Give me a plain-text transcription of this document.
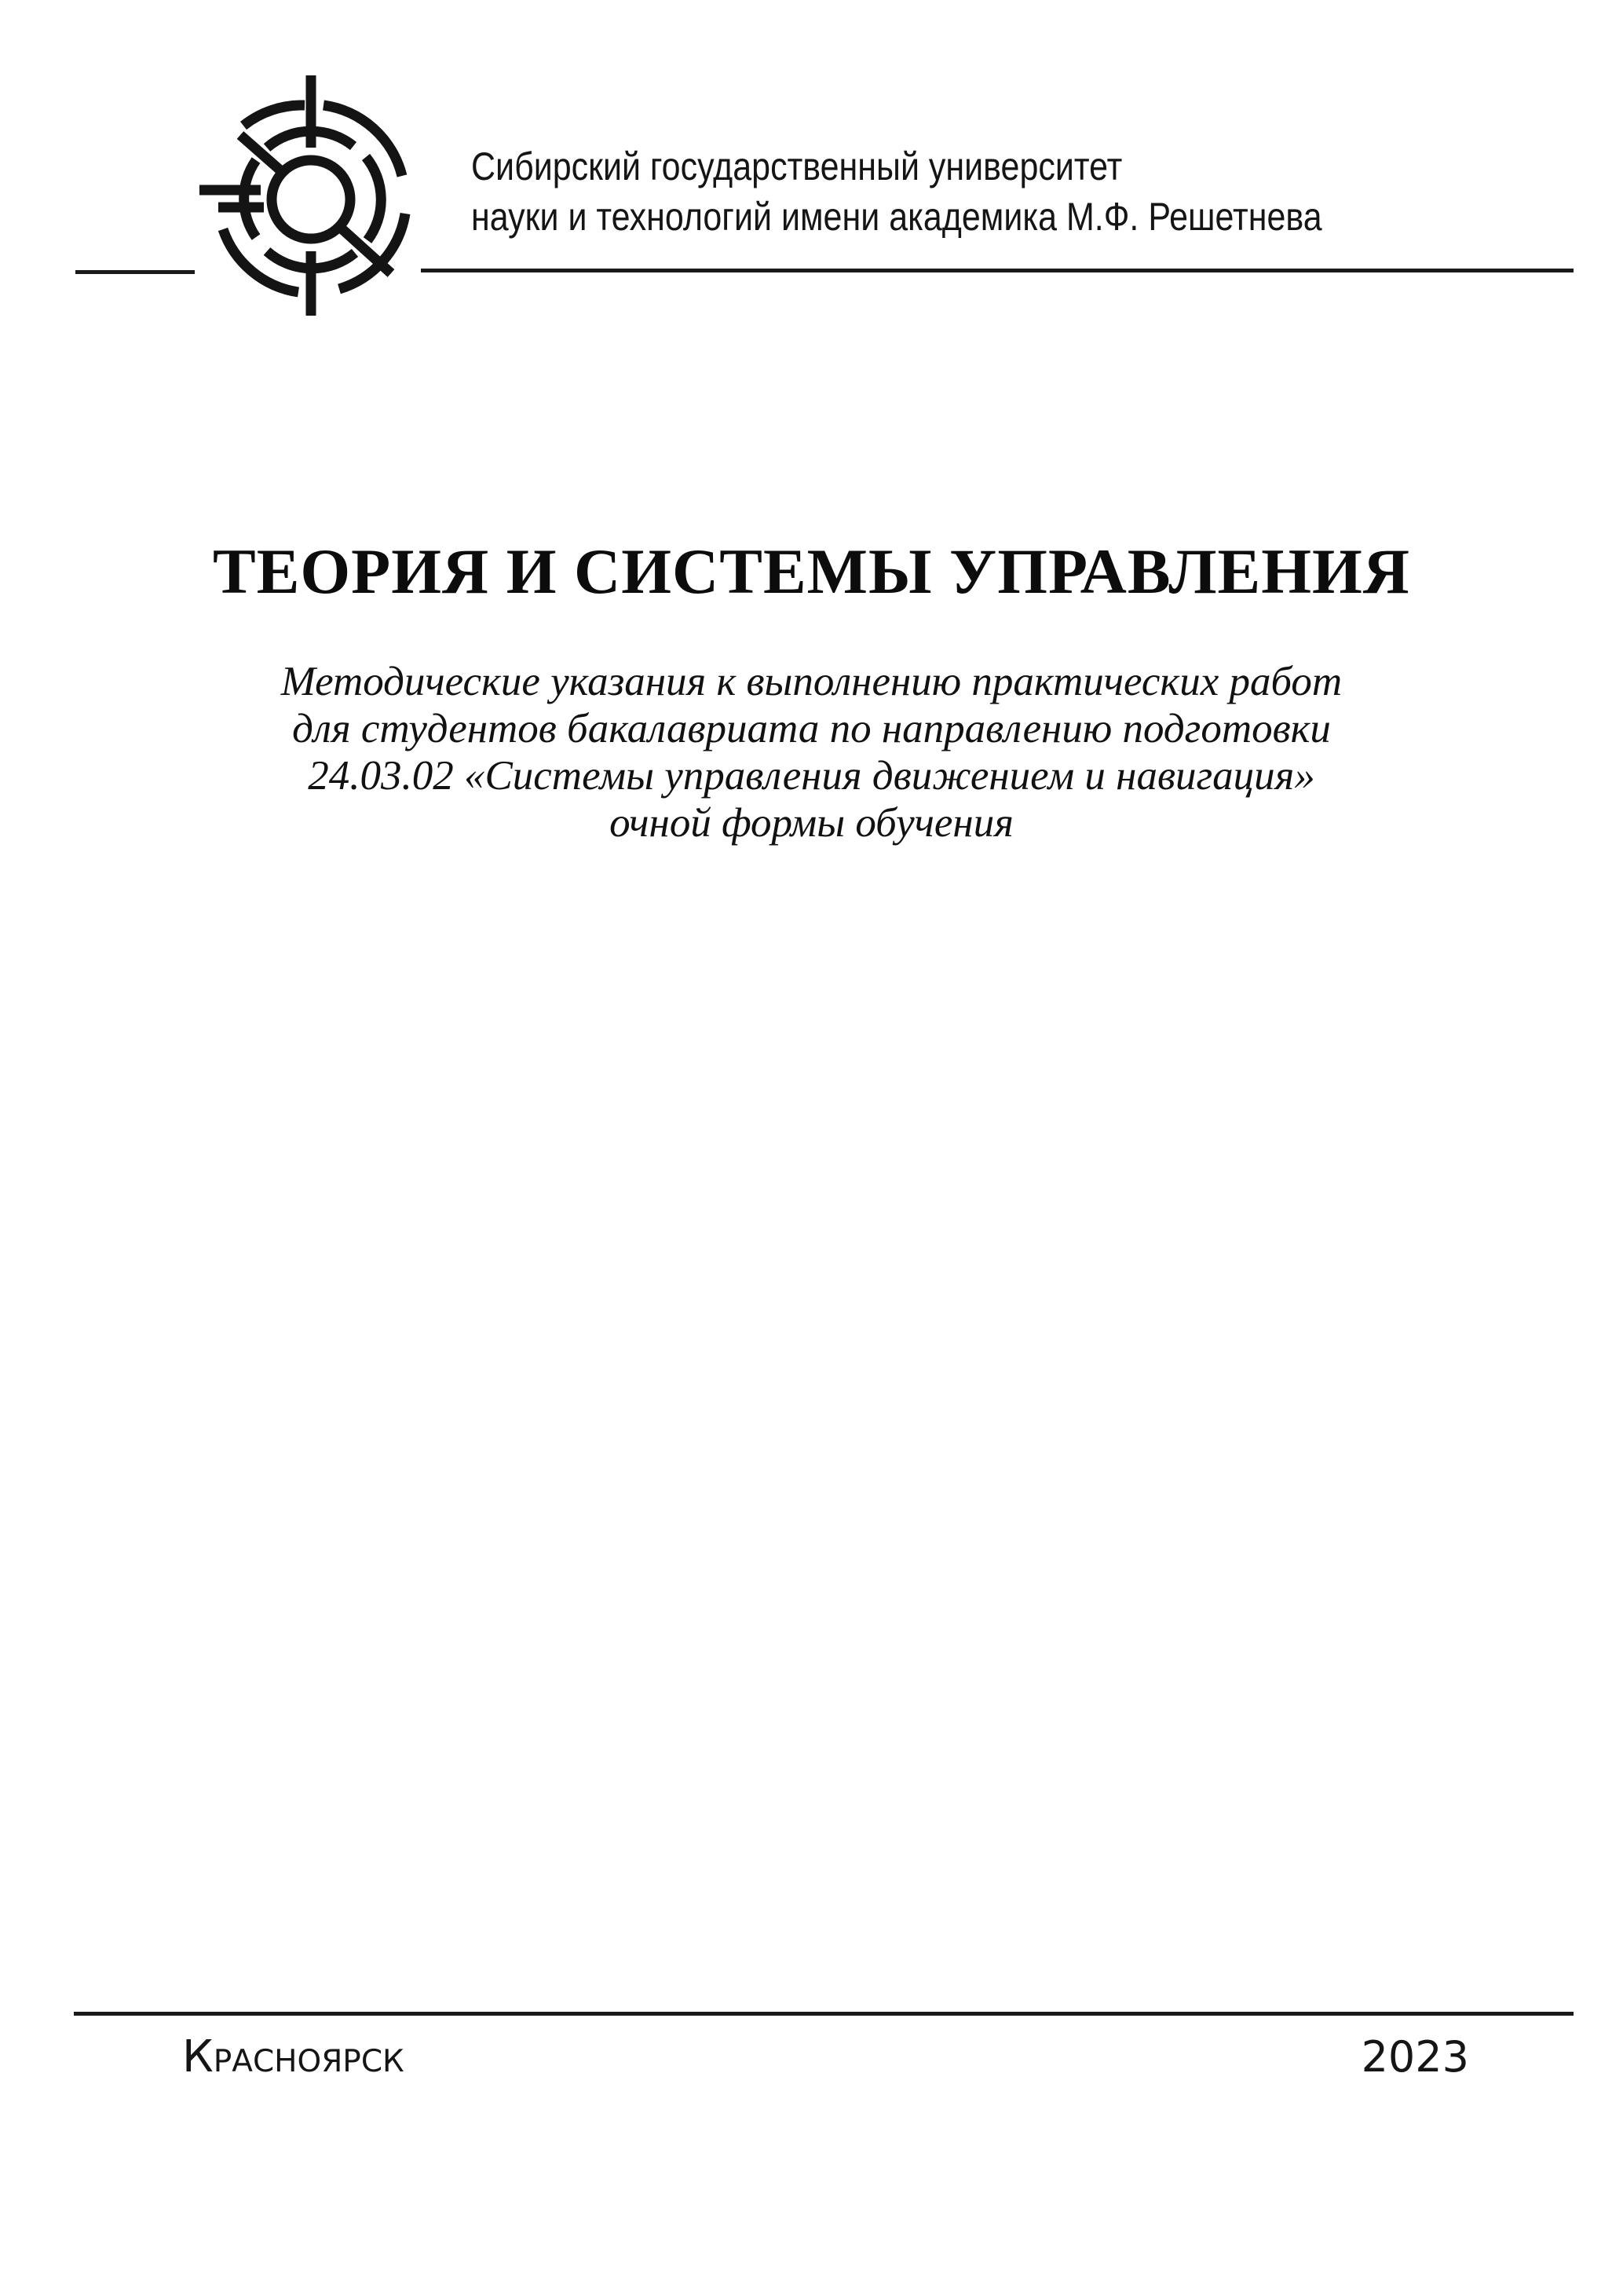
Сибирский государственный университет
науки и технологий имени академика М.Ф. Решетнева
ТЕОРИЯ И СИСТЕМЫ УПРАВЛЕНИЯ
Методические указания к выполнению практических работ
для студентов бакалавриата по направлению подготовки
24.03.02 «Системы управления движением и навигация»
очной формы обучения
Красноярск	2023
